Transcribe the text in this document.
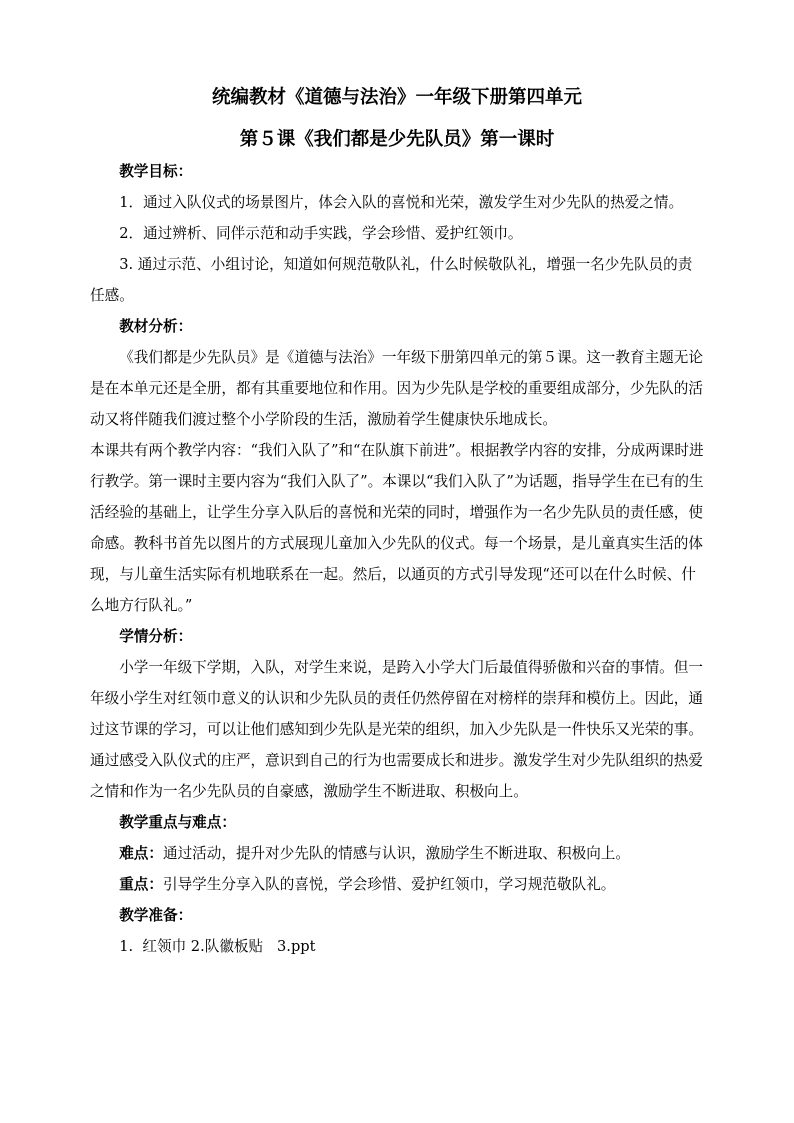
统编教材《道德与法治》一年级下册第四单元
第５课《我们都是少先队员》第一课时

教学目标：

1．通过入队仪式的场景图片，体会入队的喜悦和光荣，激发学生对少先队的热爱之情。

2．通过辨析、同伴示范和动手实践，学会珍惜、爱护红领巾。

3. 通过示范、小组讨论，知道如何规范敬队礼，什么时候敬队礼，增强一名少先队员的责任感。

教材分析：

《我们都是少先队员》是《道德与法治》一年级下册第四单元的第５课。这一教育主题无论是在本单元还是全册，都有其重要地位和作用。因为少先队是学校的重要组成部分，少先队的活动又将伴随我们渡过整个小学阶段的生活，激励着学生健康快乐地成长。

本课共有两个教学内容：“我们入队了”和“在队旗下前进”。根据教学内容的安排，分成两课时进行教学。第一课时主要内容为“我们入队了”。本课以“我们入队了”为话题，指导学生在已有的生活经验的基础上，让学生分享入队后的喜悦和光荣的同时，增强作为一名少先队员的责任感，使命感。教科书首先以图片的方式展现儿童加入少先队的仪式。每一个场景，是儿童真实生活的体现，与儿童生活实际有机地联系在一起。然后，以通页的方式引导发现“还可以在什么时候、什么地方行队礼。”

学情分析：

小学一年级下学期，入队，对学生来说，是跨入小学大门后最值得骄傲和兴奋的事情。但一年级小学生对红领巾意义的认识和少先队员的责任仍然停留在对榜样的崇拜和模仿上。因此，通过这节课的学习，可以让他们感知到少先队是光荣的组织，加入少先队是一件快乐又光荣的事。通过感受入队仪式的庄严，意识到自己的行为也需要成长和进步。激发学生对少先队组织的热爱之情和作为一名少先队员的自豪感，激励学生不断进取、积极向上。

教学重点与难点：

难点：通过活动，提升对少先队的情感与认识，激励学生不断进取、积极向上。

重点：引导学生分享入队的喜悦，学会珍惜、爱护红领巾，学习规范敬队礼。

教学准备：

1.  红领巾 2.队徽板贴   3.ppt
